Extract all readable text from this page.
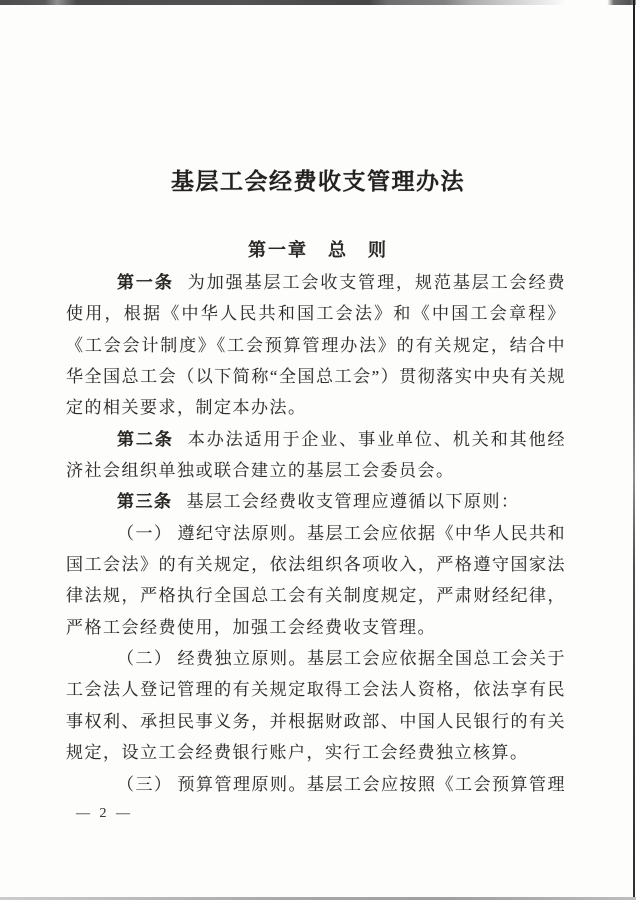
基层工会经费收支管理办法
第一章　总　则

第一条 为加强基层工会收支管理，规范基层工会经费使用，根据《中华人民共和国工会法》和《中国工会章程》《工会会计制度》《工会预算管理办法》的有关规定，结合中华全国总工会（以下简称“全国总工会”）贯彻落实中央有关规定的相关要求，制定本办法。

第二条 本办法适用于企业、事业单位、机关和其他经济社会组织单独或联合建立的基层工会委员会。

第三条 基层工会经费收支管理应遵循以下原则：

（一） 遵纪守法原则。基层工会应依据《中华人民共和国工会法》的有关规定，依法组织各项收入，严格遵守国家法律法规，严格执行全国总工会有关制度规定，严肃财经纪律，严格工会经费使用，加强工会经费收支管理。

（二） 经费独立原则。基层工会应依据全国总工会关于工会法人登记管理的有关规定取得工会法人资格，依法享有民事权利、承担民事义务，并根据财政部、中国人民银行的有关规定，设立工会经费银行账户，实行工会经费独立核算。

（三） 预算管理原则。基层工会应按照《工会预算管理

— 2 —
